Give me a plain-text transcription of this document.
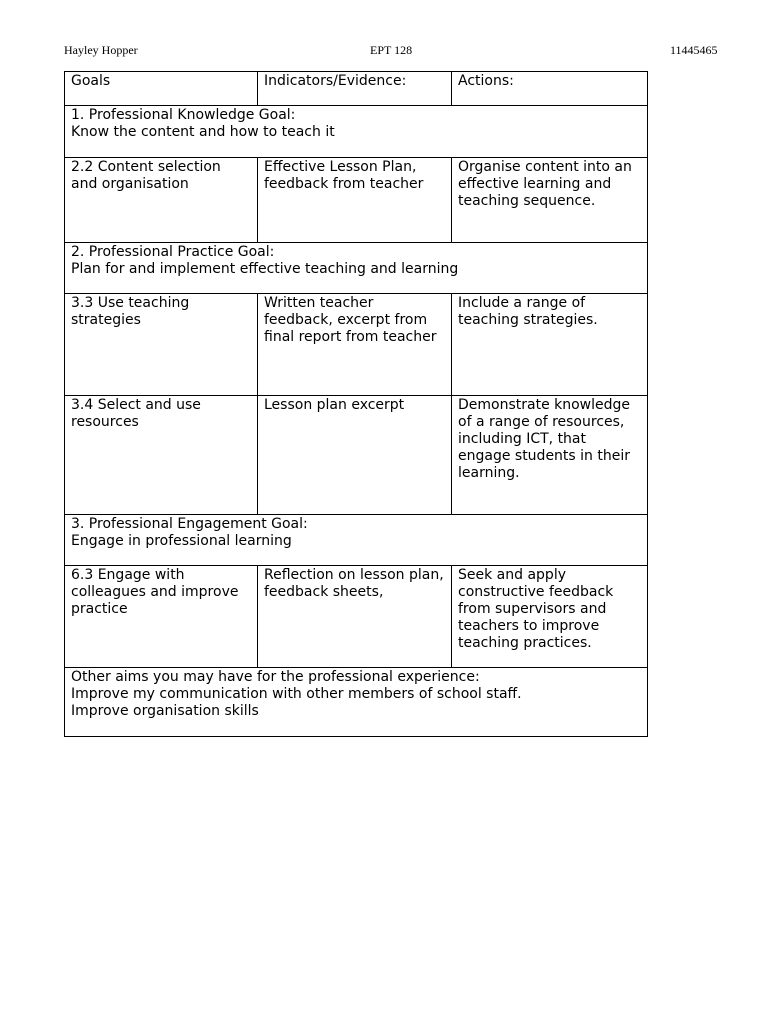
Hayley Hopper	EPT 128	11445465
Goals	Indicators/Evidence:	Actions:

1. Professional Knowledge Goal:
Know the content and how to teach it		

2.2 Content selection and organisation	Effective Lesson Plan, feedback from teacher	Organise content into an effective learning and teaching sequence.

2. Professional Practice Goal:
Plan for and implement effective teaching and learning		

3.3 Use teaching strategies	Written teacher feedback, excerpt from final report from teacher	Include a range of teaching strategies.
3.4 Select and use resources	Lesson plan excerpt	Demonstrate knowledge of a range of resources, including ICT, that engage students in their learning.

3. Professional Engagement Goal:
Engage in professional learning		

6.3 Engage with colleagues and improve practice	Reflection on lesson plan, feedback sheets,	Seek and apply constructive feedback from supervisors and teachers to improve teaching practices.

Other aims you may have for the professional experience:
Improve my communication with other members of school staff.
Improve organisation skills		
